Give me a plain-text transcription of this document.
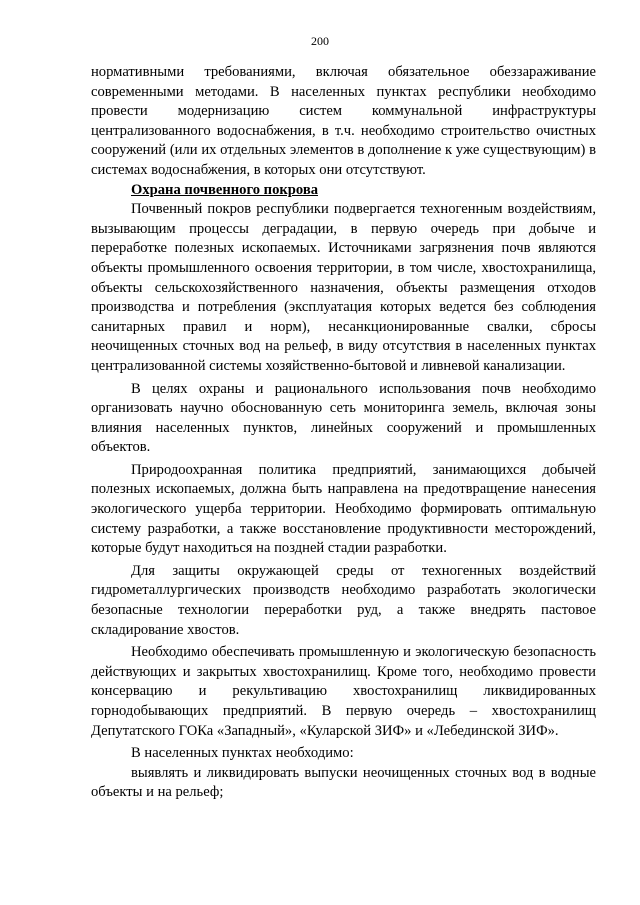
200

нормативными требованиями, включая обязательное обеззараживание современными методами. В населенных пунктах республики необходимо провести модернизацию систем коммунальной инфраструктуры централизованного водоснабжения, в т.ч. необходимо строительство очистных сооружений (или их отдельных элементов в дополнение к уже существующим) в системах водоснабжения, в которых они отсутствуют.

Охрана почвенного покрова

Почвенный покров республики подвергается техногенным воздействиям, вызывающим процессы деградации, в первую очередь при добыче и переработке полезных ископаемых. Источниками загрязнения почв являются объекты промышленного освоения территории, в том числе, хвостохранилища, объекты сельскохозяйственного назначения, объекты размещения отходов производства и потребления (эксплуатация которых ведется без соблюдения санитарных правил и норм), несанкционированные свалки, сбросы неочищенных сточных вод на рельеф, в виду отсутствия в населенных пунктах централизованной системы хозяйственно-бытовой и ливневой канализации.

В целях охраны и рационального использования почв необходимо организовать научно обоснованную сеть мониторинга земель, включая зоны влияния населенных пунктов, линейных сооружений и промышленных объектов.

Природоохранная политика предприятий, занимающихся добычей полезных ископаемых, должна быть направлена на предотвращение нанесения экологического ущерба территории. Необходимо формировать оптимальную систему разработки, а также восстановление продуктивности месторождений, которые будут находиться на поздней стадии разработки.

Для защиты окружающей среды от техногенных воздействий гидрометаллургических производств необходимо разработать экологически безопасные технологии переработки руд, а также внедрять пастовое складирование хвостов.

Необходимо обеспечивать промышленную и экологическую безопасность действующих и закрытых хвостохранилищ. Кроме того, необходимо провести консервацию и рекультивацию хвостохранилищ ликвидированных горнодобывающих предприятий. В первую очередь – хвостохранилищ Депутатского ГОКа «Западный», «Куларской ЗИФ» и «Лебединской ЗИФ».

В населенных пунктах необходимо:

выявлять и ликвидировать выпуски неочищенных сточных вод в водные объекты и на рельеф;
